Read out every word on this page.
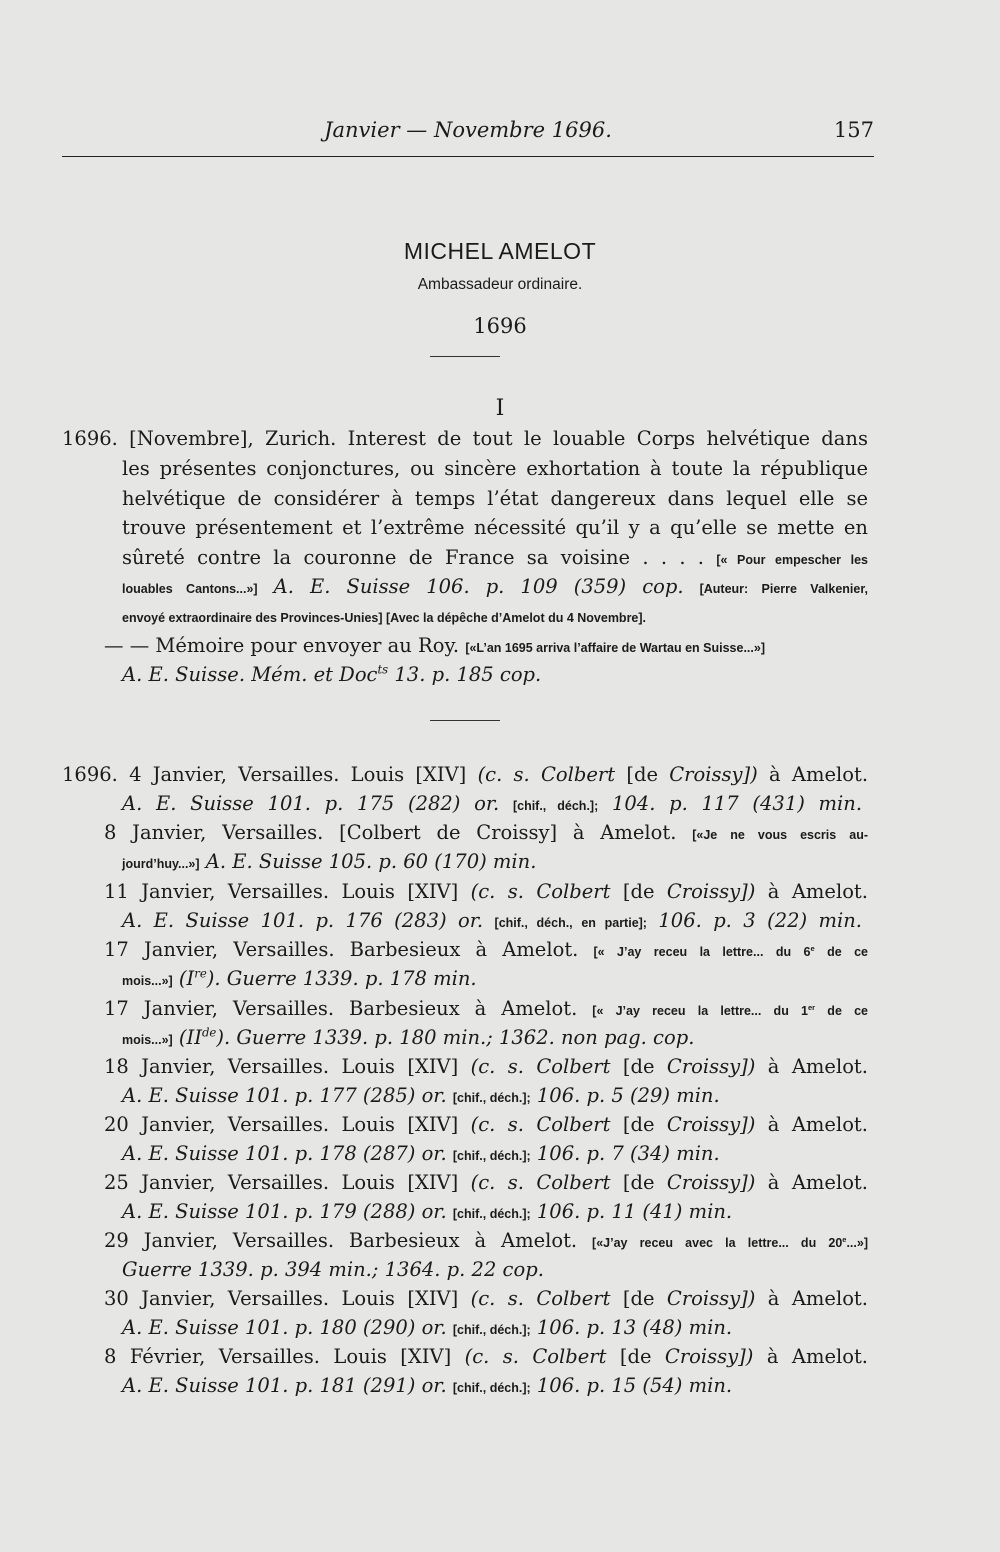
Janvier — Novembre 1696.	157
MICHEL AMELOT
Ambassadeur ordinaire.
1696
I
1696. [Novembre], Zurich. Interest de tout le louable Corps helvétique dans
les présentes conjonctures, ou sincère exhortation à toute la république
helvétique de considérer à temps l’état dangereux dans lequel elle se
trouve présentement et l’extrême nécessité qu’il y a qu’elle se mette en
sûreté contre la couronne de France sa voisine . . . . [« Pour empescher les
louables Cantons...»] A. E. Suisse 106. p. 109 (359) cop. [Auteur: Pierre Valkenier,
envoyé extraordinaire des Provinces-Unies] [Avec la dépêche d’Amelot du 4 Novembre].
— — Mémoire pour envoyer au Roy. [«L’an 1695 arriva l’affaire de Wartau en Suisse...»]
A. E. Suisse. Mém. et Doc$^{ts}$ 13. p. 185 cop.
1696. 4 Janvier, Versailles. Louis [XIV] (c. s. Colbert [de Croissy]) à Amelot.
A. E. Suisse 101. p. 175 (282) or. [chif., déch.]; 104. p. 117 (431) min.
8 Janvier, Versailles. [Colbert de Croissy] à Amelot. [«Je ne vous escris au-
jourd’huy...»] A. E. Suisse 105. p. 60 (170) min.
11 Janvier, Versailles. Louis [XIV] (c. s. Colbert [de Croissy]) à Amelot.
A. E. Suisse 101. p. 176 (283) or. [chif., déch., en partie]; 106. p. 3 (22) min.
17 Janvier, Versailles. Barbesieux à Amelot. [« J’ay receu la lettre... du 6e de ce
mois...»] (Ire). Guerre 1339. p. 178 min.
17 Janvier, Versailles. Barbesieux à Amelot. [« J’ay receu la lettre... du 1er de ce
mois...»] (IIde). Guerre 1339. p. 180 min.; 1362. non pag. cop.
18 Janvier, Versailles. Louis [XIV] (c. s. Colbert [de Croissy]) à Amelot.
A. E. Suisse 101. p. 177 (285) or. [chif., déch.]; 106. p. 5 (29) min.
20 Janvier, Versailles. Louis [XIV] (c. s. Colbert [de Croissy]) à Amelot.
A. E. Suisse 101. p. 178 (287) or. [chif., déch.]; 106. p. 7 (34) min.
25 Janvier, Versailles. Louis [XIV] (c. s. Colbert [de Croissy]) à Amelot.
A. E. Suisse 101. p. 179 (288) or. [chif., déch.]; 106. p. 11 (41) min.
29 Janvier, Versailles. Barbesieux à Amelot. [«J’ay receu avec la lettre... du 20e...»]
Guerre 1339. p. 394 min.; 1364. p. 22 cop.
30 Janvier, Versailles. Louis [XIV] (c. s. Colbert [de Croissy]) à Amelot.
A. E. Suisse 101. p. 180 (290) or. [chif., déch.]; 106. p. 13 (48) min.
8 Février, Versailles. Louis [XIV] (c. s. Colbert [de Croissy]) à Amelot.
A. E. Suisse 101. p. 181 (291) or. [chif., déch.]; 106. p. 15 (54) min.
